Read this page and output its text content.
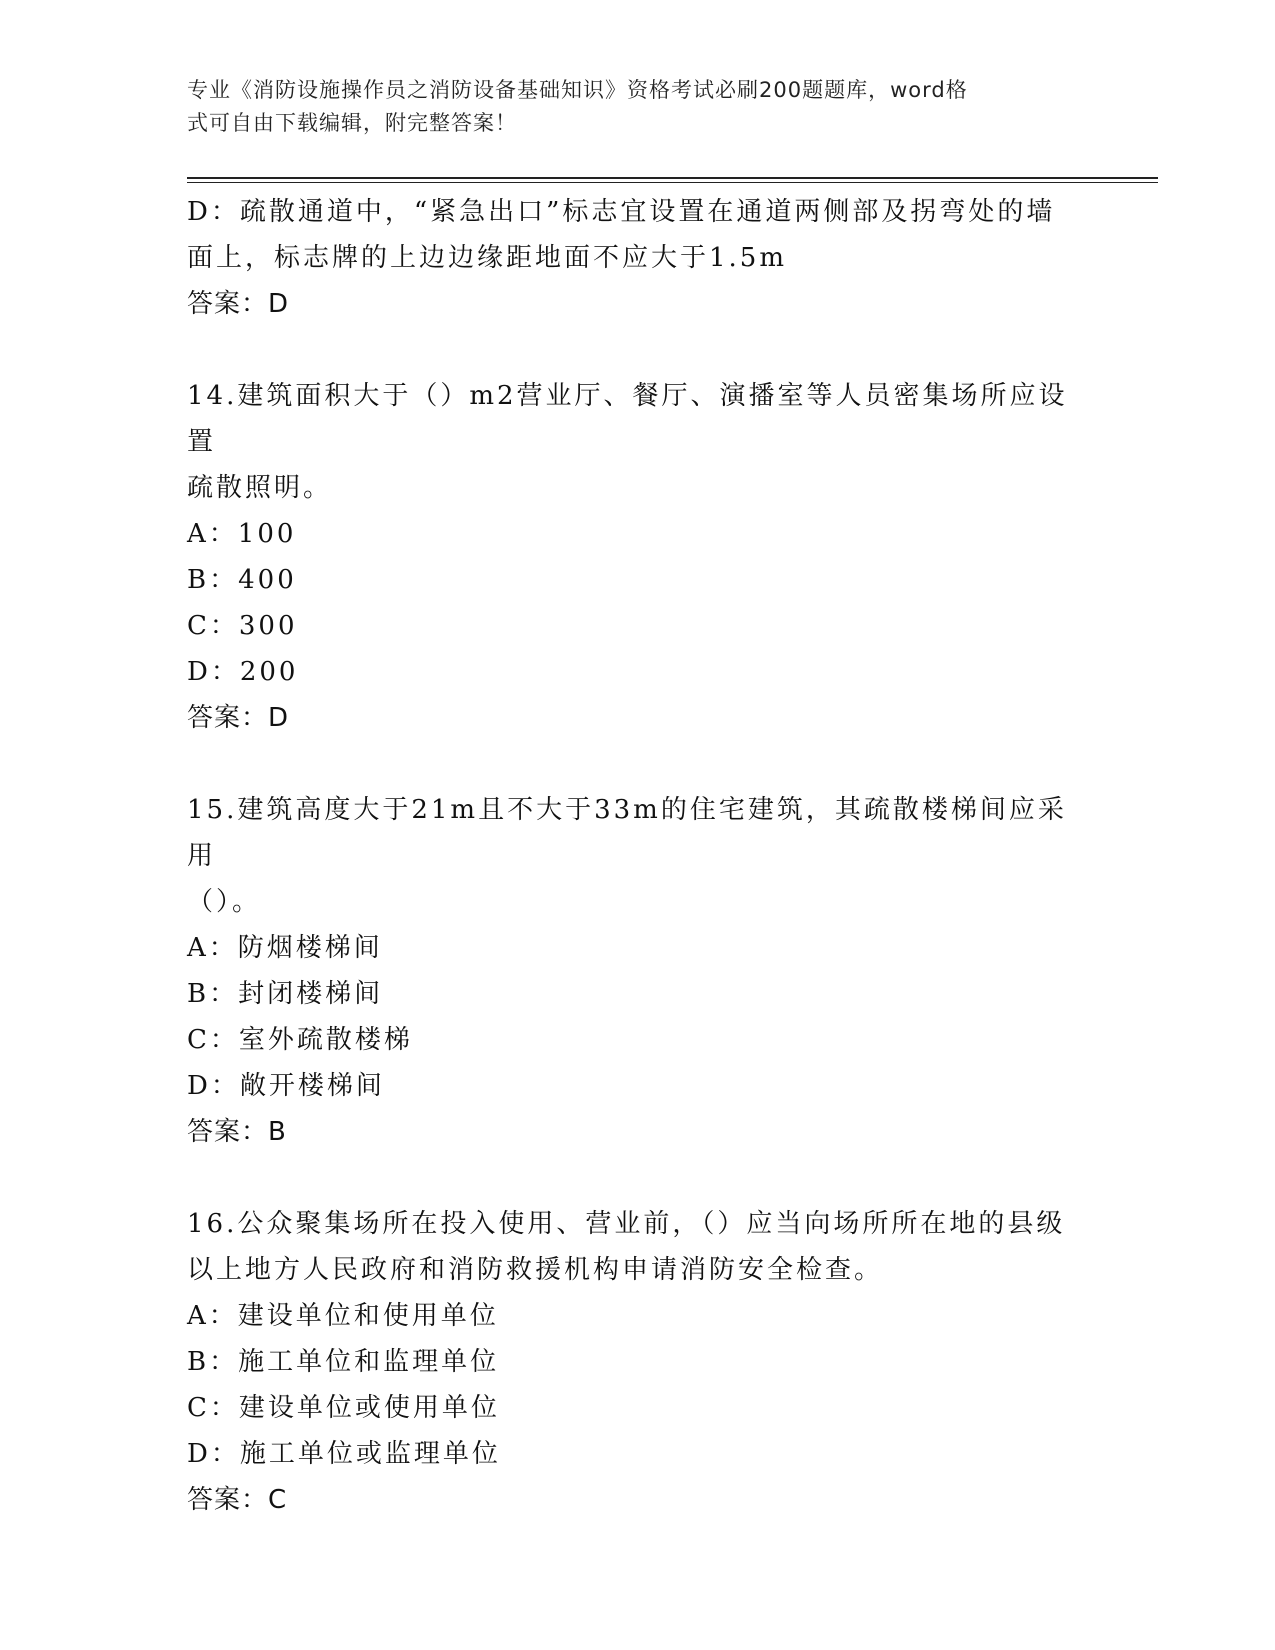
专业《消防设施操作员之消防设备基础知识》资格考试必刷200题题库，word格
式可自由下载编辑，附完整答案！

D：疏散通道中，“紧急出口”标志宜设置在通道两侧部及拐弯处的墙

面上，标志牌的上边边缘距地面不应大于1.5m

答案：D

14.建筑面积大于（）m2营业厅、餐厅、演播室等人员密集场所应设置

疏散照明。

A：100

B：400

C：300

D：200

答案：D

15.建筑高度大于21m且不大于33m的住宅建筑，其疏散楼梯间应采用

（）。

A：防烟楼梯间

B：封闭楼梯间

C：室外疏散楼梯

D：敞开楼梯间

答案：B

16.公众聚集场所在投入使用、营业前，（）应当向场所所在地的县级

以上地方人民政府和消防救援机构申请消防安全检查。

A：建设单位和使用单位

B：施工单位和监理单位

C：建设单位或使用单位

D：施工单位或监理单位

答案：C
